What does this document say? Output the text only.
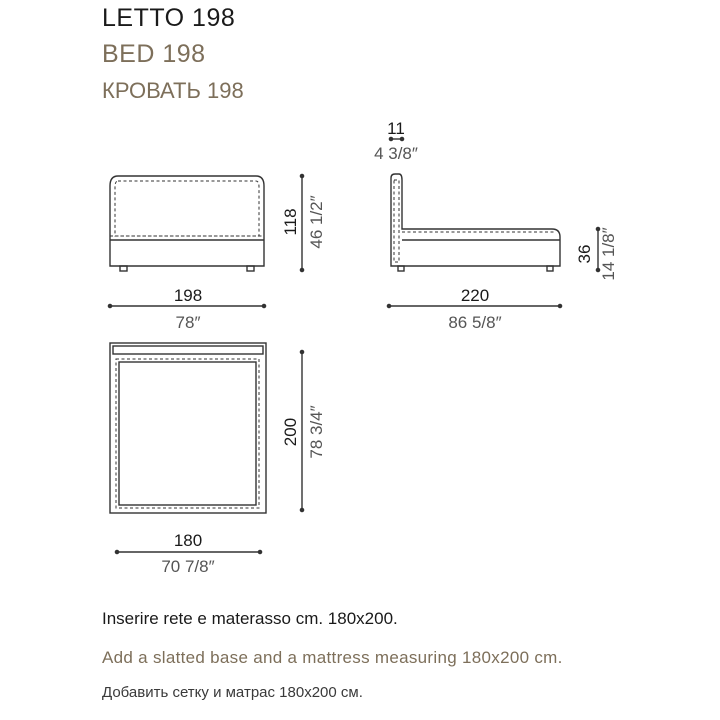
LETTO 198

BED 198

КРОВАТЬ 198

198
78″
118 46 1/2″
220
86 5/8″
11
4 3/8″
36 14 1/8″
180
70 7/8″
200 78 3/4″

Inserire rete e materasso cm. 180x200.

Add a slatted base and a mattress measuring 180x200 cm.

Добавить сетку и матрас 180x200 см.
